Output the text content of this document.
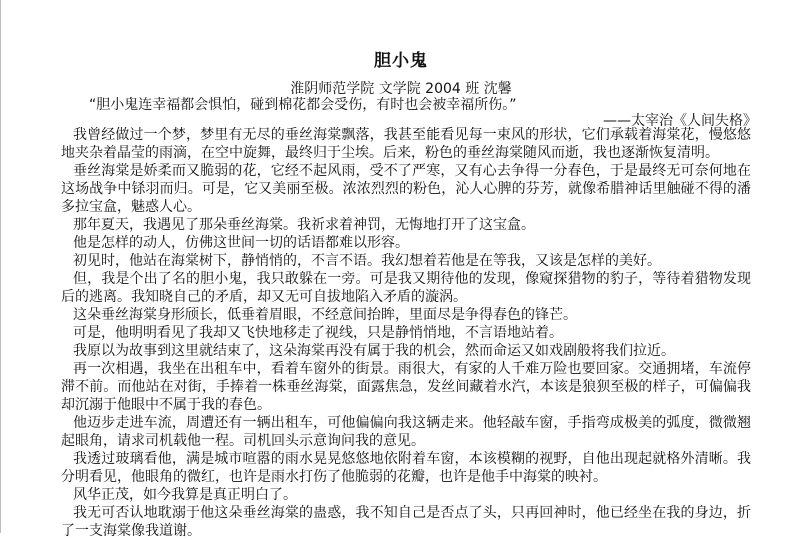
胆小鬼
淮阴师范学院 文学院 2004 班 沈馨
“胆小鬼连幸福都会惧怕，碰到棉花都会受伤，有时也会被幸福所伤。”
——太宰治《人间失格》

我曾经做过一个梦，梦里有无尽的垂丝海棠飘落，我甚至能看见每一束风的形状，它们承载着海棠花，慢悠悠地夹杂着晶莹的雨滴，在空中旋舞，最终归于尘埃。后来，粉色的垂丝海棠随风而逝，我也逐渐恢复清明。

垂丝海棠是娇柔而又脆弱的花，它经不起风雨，受不了严寒，又有心去争得一分春色，于是最终无可奈何地在这场战争中铩羽而归。可是，它又美丽至极。浓浓烈烈的粉色，沁人心脾的芬芳，就像希腊神话里触碰不得的潘多拉宝盒，魅惑人心。

那年夏天，我遇见了那朵垂丝海棠。我祈求着神罚，无悔地打开了这宝盒。

他是怎样的动人，仿佛这世间一切的话语都难以形容。

初见时，他站在海棠树下，静悄悄的，不言不语。我幻想着若他是在等我，又该是怎样的美好。

但，我是个出了名的胆小鬼，我只敢躲在一旁。可是我又期待他的发现，像窥探猎物的豹子，等待着猎物发现后的逃离。我知晓自己的矛盾，却又无可自拔地陷入矛盾的漩涡。

这朵垂丝海棠身形颀长，低垂着眉眼，不经意间抬眸，里面尽是争得春色的锋芒。

可是，他明明看见了我却又飞快地移走了视线，只是静悄悄地，不言语地站着。

我原以为故事到这里就结束了，这朵海棠再没有属于我的机会，然而命运又如戏剧般将我们拉近。

再一次相遇，我坐在出租车中，看着车窗外的街景。雨很大，有家的人千难万险也要回家。交通拥堵，车流停滞不前。而他站在对街，手捧着一株垂丝海棠，面露焦急，发丝间藏着水汽，本该是狼狈至极的样子，可偏偏我却沉溺于他眼中不属于我的春色。

他迈步走进车流，周遭还有一辆出租车，可他偏偏向我这辆走来。他轻敲车窗，手指弯成极美的弧度，微微翘起眼角，请求司机载他一程。司机回头示意询问我的意见。

我透过玻璃看他，满是城市喧嚣的雨水晃晃悠悠地依附着车窗，本该模糊的视野，自他出现起就格外清晰。我分明看见，他眼角的微红，也许是雨水打伤了他脆弱的花瓣，也许是他手中海棠的映衬。

风华正茂，如今我算是真正明白了。

我无可否认地耽溺于他这朵垂丝海棠的蛊惑，我不知自己是否点了头，只再回神时，他已经坐在我的身边，折了一支海棠像我道谢。
